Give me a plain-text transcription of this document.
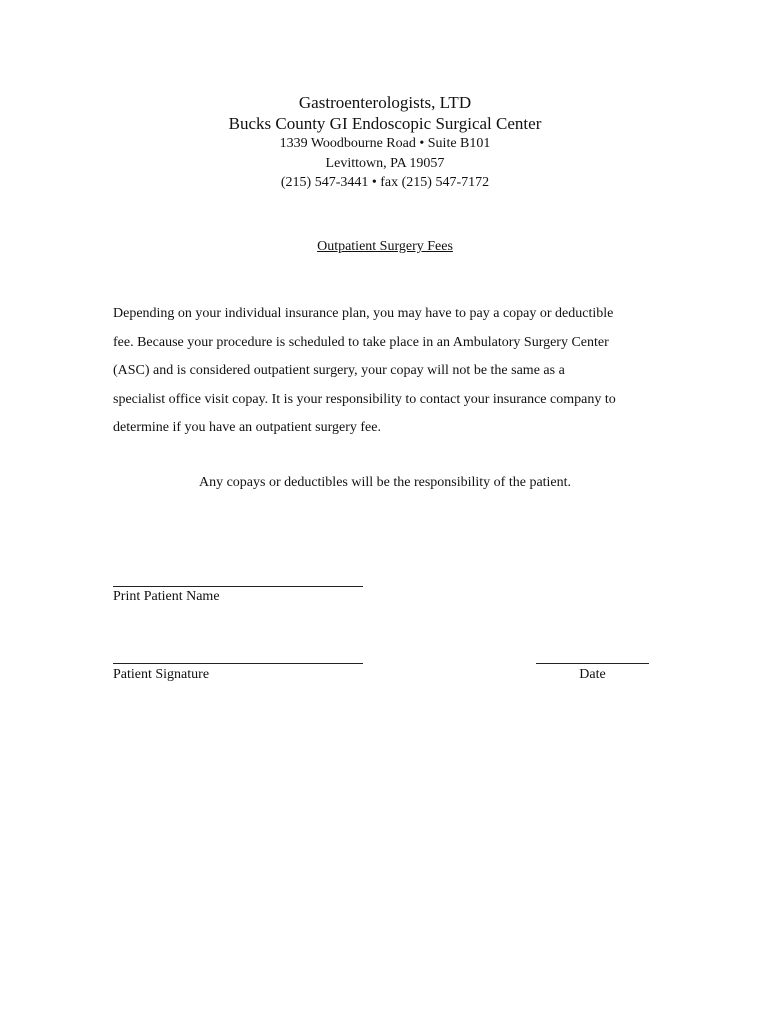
Gastroenterologists, LTD
Bucks County GI Endoscopic Surgical Center
1339 Woodbourne Road • Suite B101
Levittown, PA 19057
(215) 547-3441 • fax (215) 547-7172
Outpatient Surgery Fees
Depending on your individual insurance plan, you may have to pay a copay or deductible
fee. Because your procedure is scheduled to take place in an Ambulatory Surgery Center
(ASC) and is considered outpatient surgery, your copay will not be the same as a
specialist office visit copay. It is your responsibility to contact your insurance company to
determine if you have an outpatient surgery fee.
Any copays or deductibles will be the responsibility of the patient.
Print Patient Name
Patient Signature	Date
